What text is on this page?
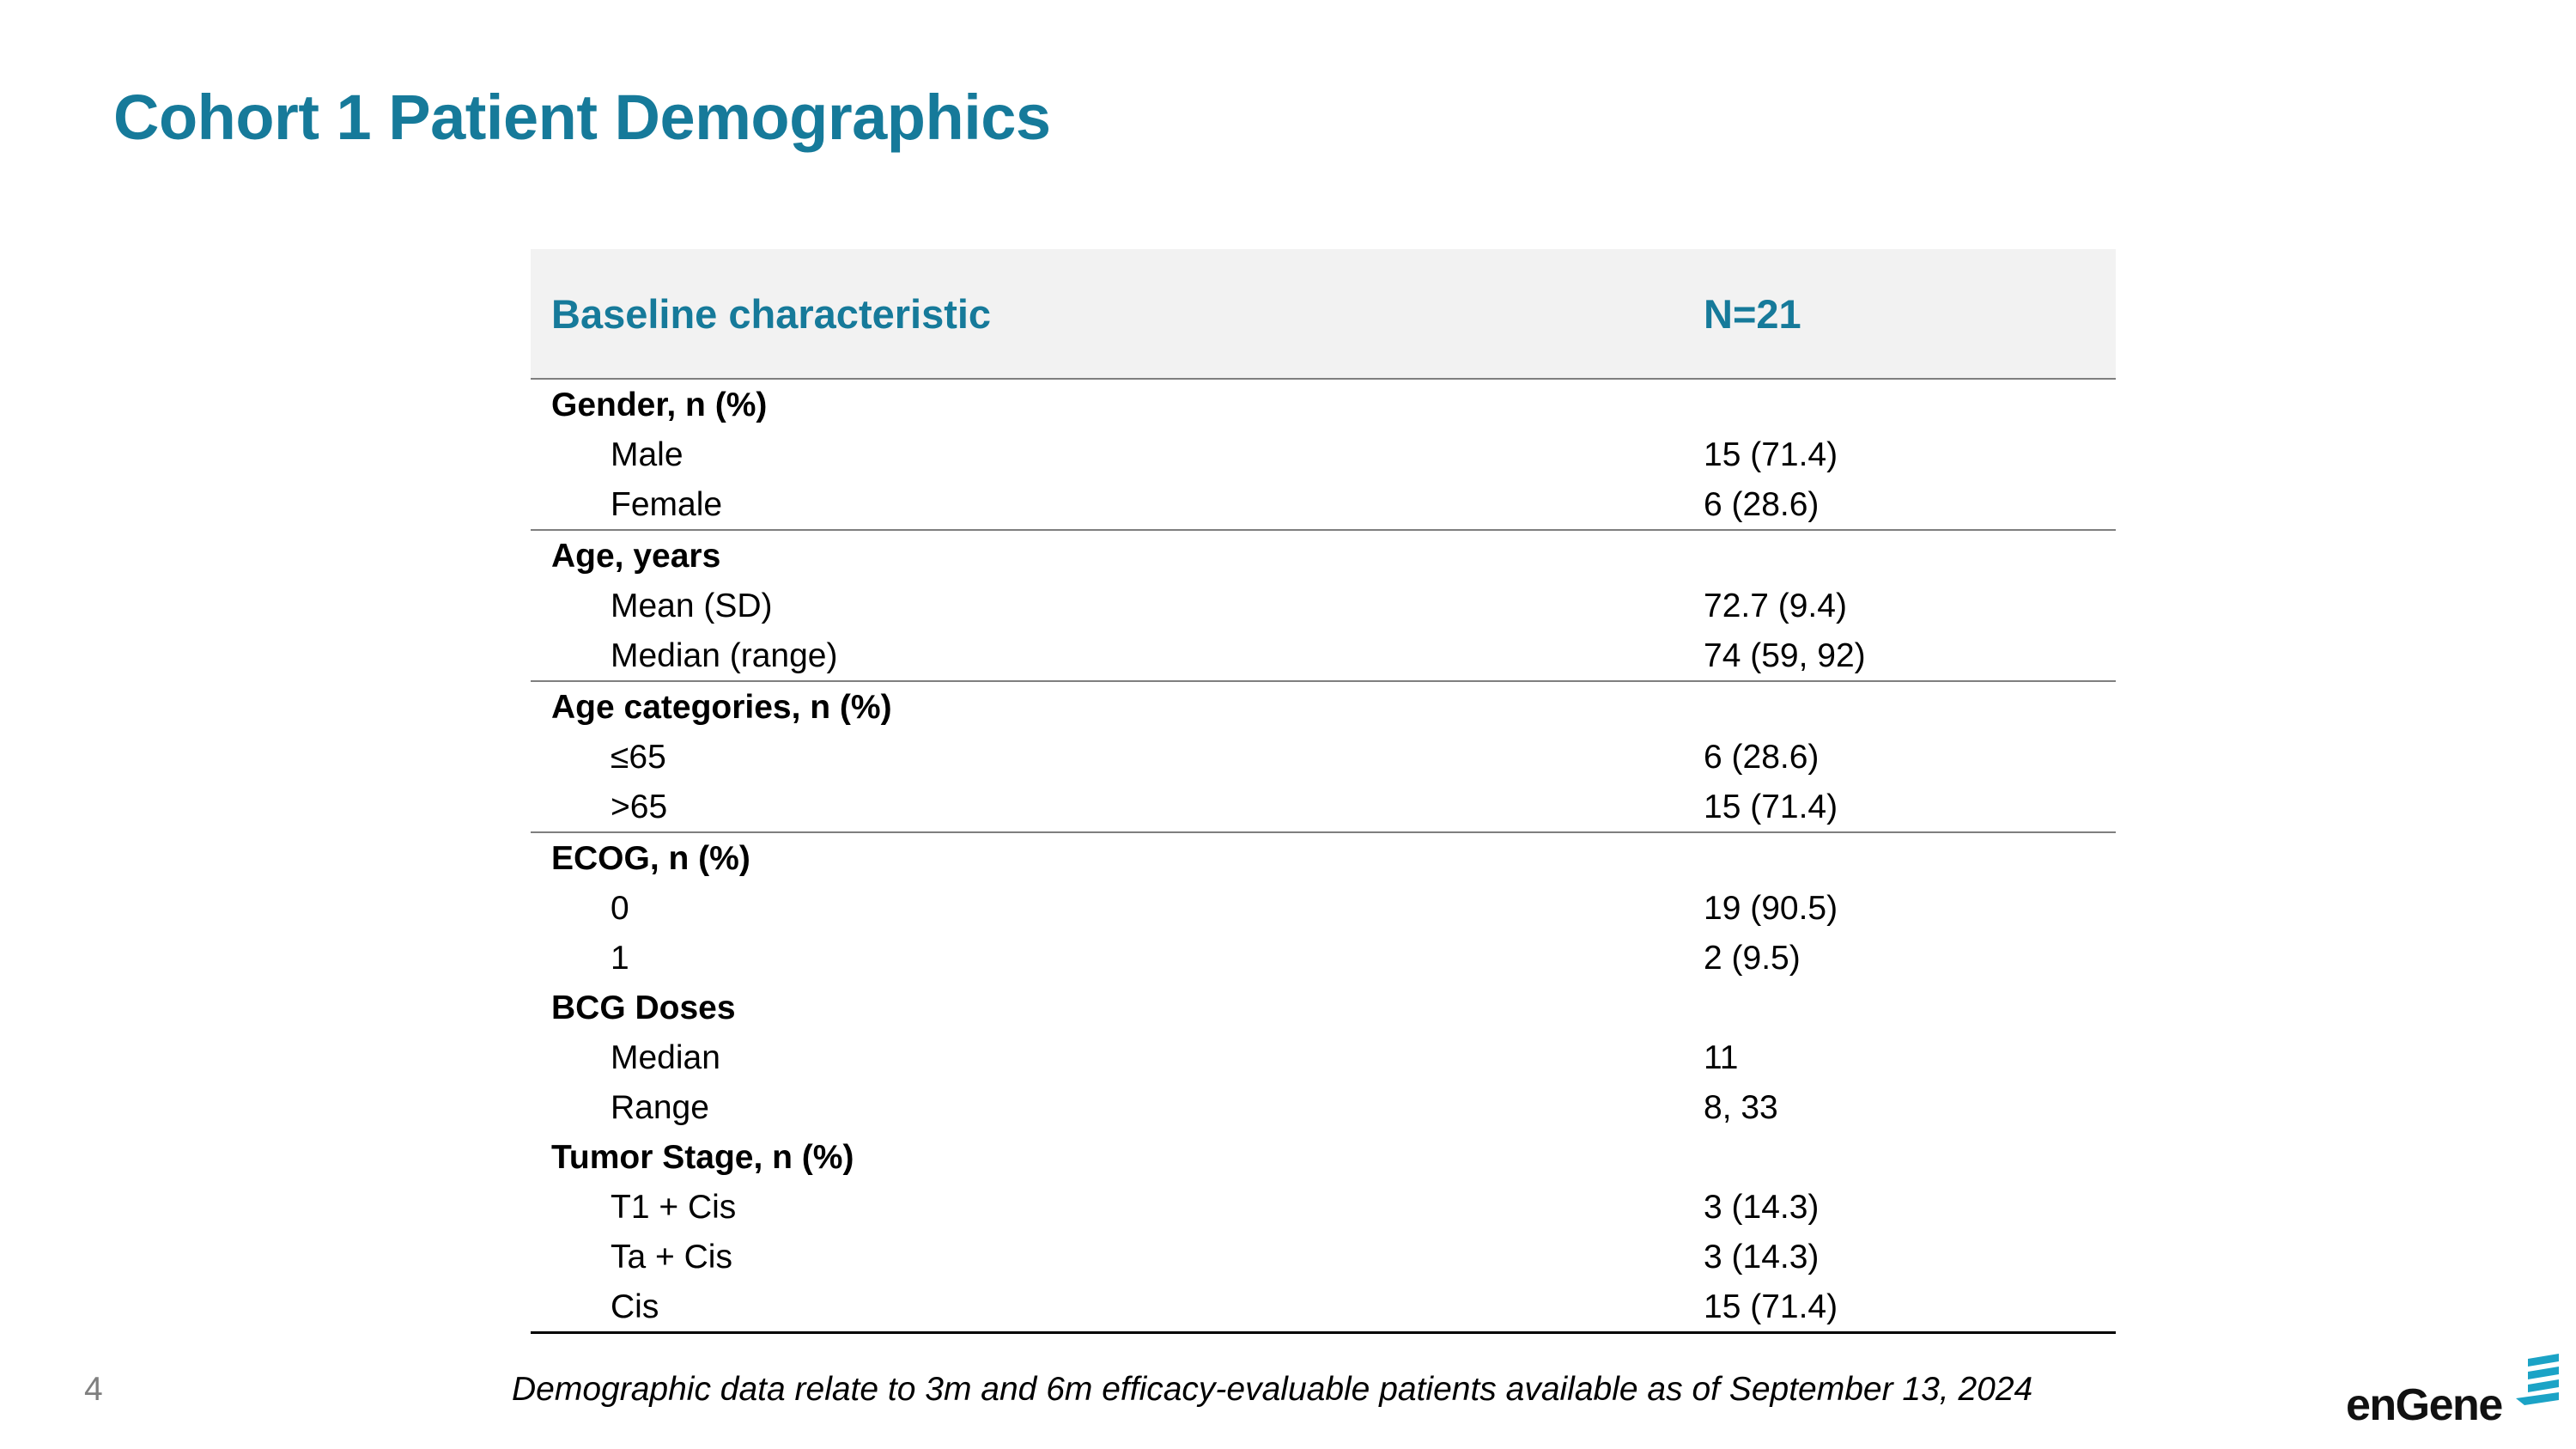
Cohort 1 Patient Demographics
Baseline characteristic	N=21
Gender, n (%)
Male	15 (71.4)
Female	6 (28.6)
Age, years
Mean (SD)	72.7 (9.4)
Median (range)	74 (59, 92)
Age categories, n (%)
≤65	6 (28.6)
>65	15 (71.4)
ECOG, n (%)
0	19 (90.5)
1	2 (9.5)
BCG Doses
Median	11
Range	8, 33
Tumor Stage, n (%)
T1 + Cis	3 (14.3)
Ta + Cis	3 (14.3)
Cis	15 (71.4)
4	Demographic data relate to 3m and 6m efficacy-evaluable patients available as of September 13, 2024	enGene
